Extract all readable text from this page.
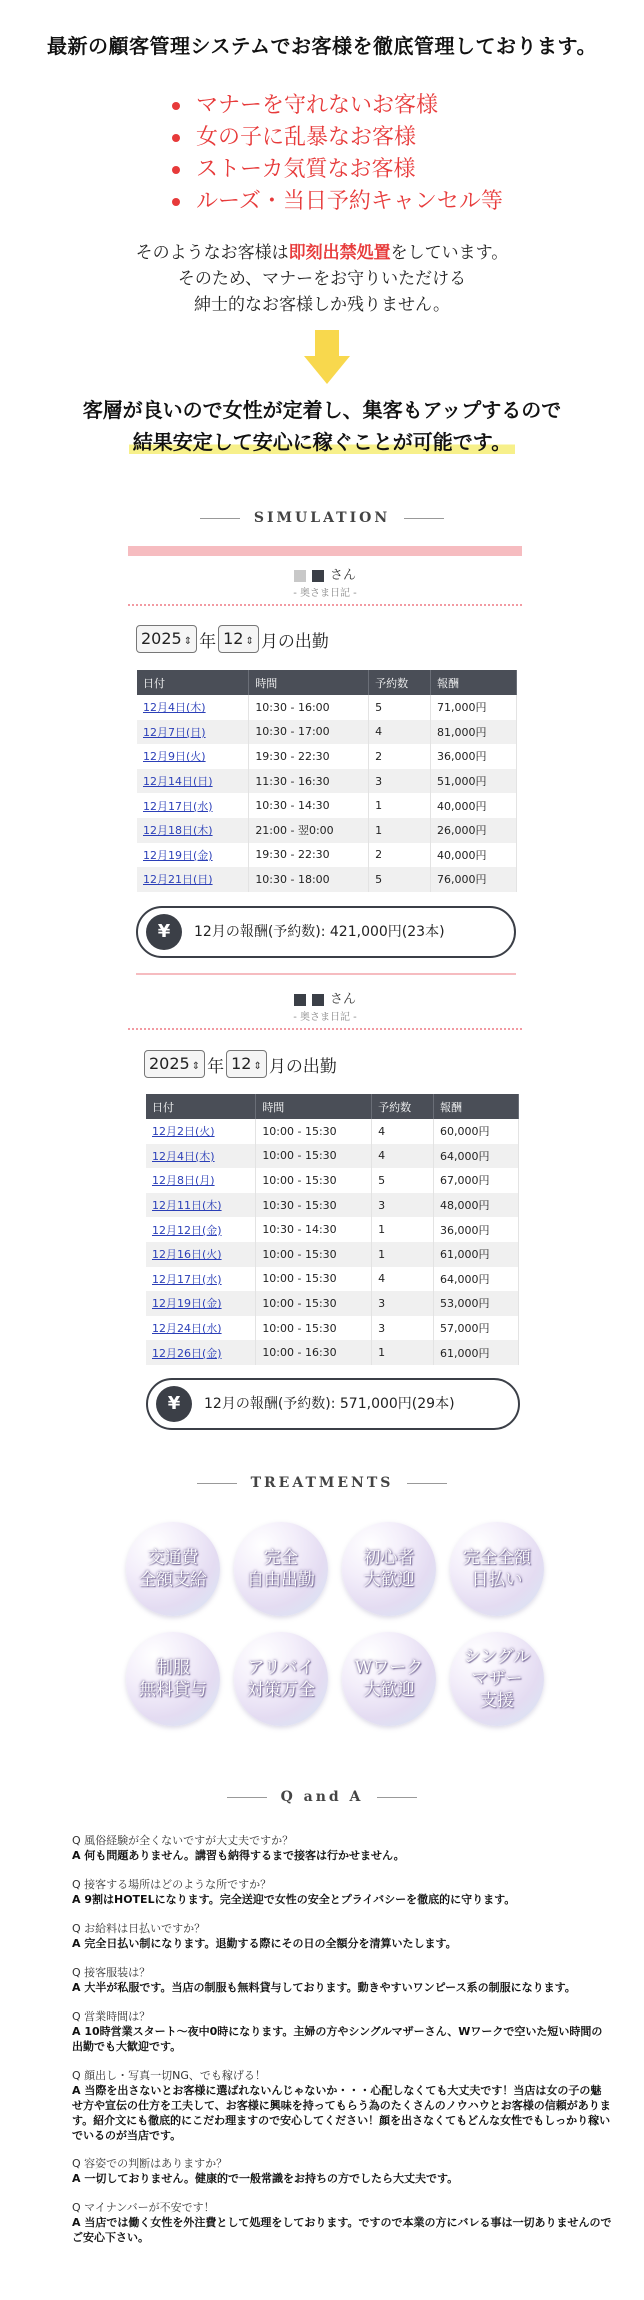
最新の顧客管理システムでお客様を徹底管理しております。
マナーを守れないお客様
女の子に乱暴なお客様
ストーカ気質なお客様
ルーズ・当日予約キャンセル等
そのようなお客様は即刻出禁処置をしています。
そのため、マナーをお守りいただける
紳士的なお客様しか残りません。
客層が良いので女性が定着し、集客もアップするので
結果安定して安心に稼ぐことが可能です。
SIMULATION
さん
- 奥さま日記 -
2025 ⇕ 年 12 ⇕ 月の出勤
日付	時間	予約数	報酬
12月4日(木)	10:30 - 16:00	5	71,000円
12月7日(日)	10:30 - 17:00	4	81,000円
12月9日(火)	19:30 - 22:30	2	36,000円
12月14日(日)	11:30 - 16:30	3	51,000円
12月17日(水)	10:30 - 14:30	1	40,000円
12月18日(木)	21:00 - 翌0:00	1	26,000円
12月19日(金)	19:30 - 22:30	2	40,000円
12月21日(日)	10:30 - 18:00	5	76,000円
¥	12月の報酬(予約数): 421,000円(23本)
さん
- 奥さま日記 -
2025 ⇕ 年 12 ⇕ 月の出勤
日付	時間	予約数	報酬
12月2日(火)	10:00 - 15:30	4	60,000円
12月4日(木)	10:00 - 15:30	4	64,000円
12月8日(月)	10:00 - 15:30	5	67,000円
12月11日(木)	10:30 - 15:30	3	48,000円
12月12日(金)	10:30 - 14:30	1	36,000円
12月16日(火)	10:00 - 15:30	1	61,000円
12月17日(水)	10:00 - 15:30	4	64,000円
12月19日(金)	10:00 - 15:30	3	53,000円
12月24日(水)	10:00 - 15:30	3	57,000円
12月26日(金)	10:00 - 16:30	1	61,000円
¥	12月の報酬(予約数): 571,000円(29本)
TREATMENTS
交通費
全額支給
完全
自由出勤
初心者
大歓迎
完全全額
日払い
制服
無料貸与
アリバイ
対策万全
Wワーク
大歓迎
シングル
マザー
支援
Q and A
Q 風俗経験が全くないですが大丈夫ですか？
A 何も問題ありません。講習も納得するまで接客は行かせません。
Q 接客する場所はどのような所ですか？
A 9割はHOTELになります。完全送迎で女性の安全とプライバシーを徹底的に守ります。
Q お給料は日払いですか？
A 完全日払い制になります。退勤する際にその日の全額分を清算いたします。
Q 接客服装は？
A 大半が私服です。当店の制服も無料貸与しております。動きやすいワンピース系の制服になります。
Q 営業時間は？
A 10時営業スタート〜夜中0時になります。主婦の方やシングルマザーさん、Wワークで空いた短い時間の出勤でも大歓迎です。
Q 顔出し・写真一切NG、でも稼げる！
A 当際を出さないとお客様に選ばれないんじゃないか・・・心配しなくても大丈夫です！当店は女の子の魅せ方や宣伝の仕方を工夫して、お客様に興味を持ってもらう為のたくさんのノウハウとお客様の信頼があります。紹介文にも徹底的にこだわ理ますので安心してください！顔を出さなくてもどんな女性でもしっかり稼いでいるのが当店です。
Q 容姿での判断はありますか？
A 一切しておりません。健康的で一般常識をお持ちの方でしたら大丈夫です。
Q マイナンバーが不安です！
A 当店では働く女性を外注費として処理をしております。ですので本業の方にバレる事は一切ありませんのでご安心下さい。
